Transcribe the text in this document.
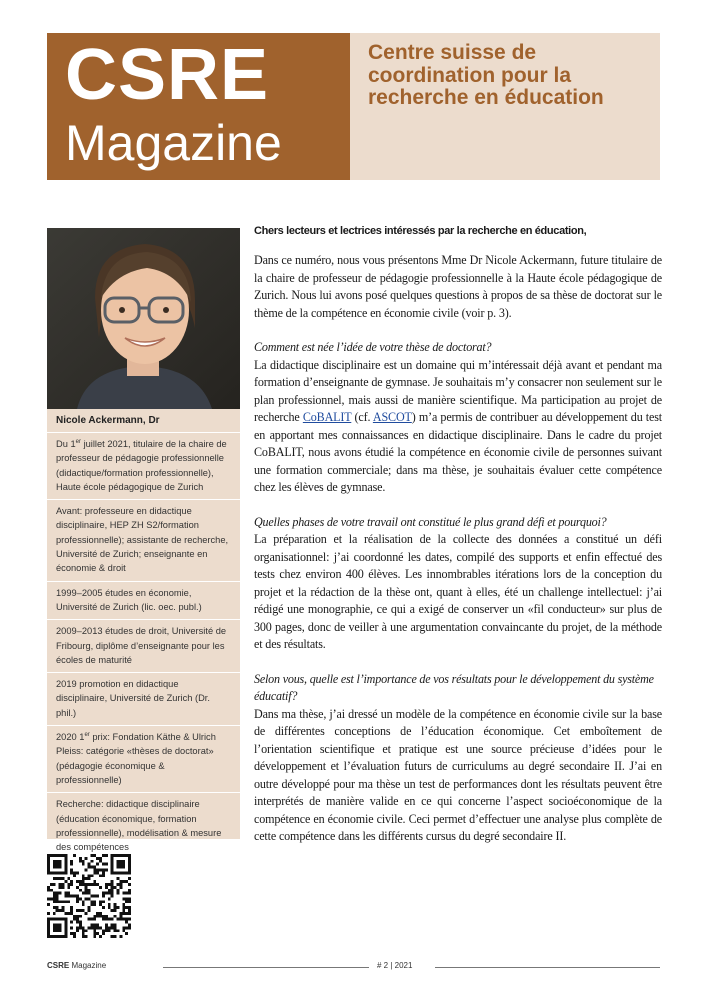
CSRE
Magazine
Centre suisse de
coordination pour la
recherche en éducation
Nicole Ackermann, Dr

Du 1er juillet 2021, titulaire de la chaire de professeur de pédagogie professionnelle (didactique/formation professionnelle), Haute école pédagogique de Zurich

Avant: professeure en didactique disciplinaire, HEP ZH S2/formation professionnelle); assistante de recherche, Université de Zurich; enseignante en économie & droit

1999–2005 études en économie, Université de Zurich (lic. oec. publ.)

2009–2013 études de droit, Université de Fribourg, diplôme d’enseignante pour les écoles de maturité

2019 promotion en didactique disciplinaire, Université de Zurich (Dr. phil.)

2020 1er prix: Fondation Käthe & Ulrich Pleiss: catégorie «thèses de doctorat» (pédagogie économique & professionnelle)

Recherche: didactique disciplinaire (éducation économique, formation professionnelle), modélisation & mesure des compétences

Chers lecteurs et lectrices intéressés par la recherche en éducation,
Dans ce numéro, nous vous présentons Mme Dr Nicole Ackermann, future titulaire de la chaire de professeur de pédagogie professionnelle à la Haute école pédagogique de Zurich. Nous lui avons posé quelques questions à propos de sa thèse de doctorat sur le thème de la compétence en économie civile (voir p. 3).
Comment est née l’idée de votre thèse de doctorat?
La didactique disciplinaire est un domaine qui m’intéressait déjà avant et pendant ma formation d’enseignante de gymnase. Je souhaitais m’y consacrer non seulement sur le plan professionnel, mais aussi de manière scientifique. Ma participation au projet de recherche CoBALIT (cf. ASCOT) m’a permis de contribuer au développement du test en apportant mes connaissances en didactique disciplinaire. Dans le cadre du projet CoBALIT, nous avons étudié la compétence en économie civile de personnes suivant une formation commerciale; dans ma thèse, je souhaitais évaluer cette compétence chez les élèves de gymnase.
Quelles phases de votre travail ont constitué le plus grand défi et pourquoi?
La préparation et la réalisation de la collecte des données a constitué un défi organisationnel: j’ai coordonné les dates, compilé des supports et enfin effectué des tests chez environ 400 élèves. Les innombrables itérations lors de la conception du projet et la rédaction de la thèse ont, quant à elles, été un challenge intellectuel: j’ai rédigé une monographie, ce qui a exigé de conserver un «fil conducteur» sur plus de 300 pages, donc de veiller à une argumentation convaincante du projet, de la méthode et des résultats.
Selon vous, quelle est l’importance de vos résultats pour le développement du système éducatif?
Dans ma thèse, j’ai dressé un modèle de la compétence en économie civile sur la base de différentes conceptions de l’éducation économique. Cet emboîtement de l’orientation scientifique et pratique est une source précieuse d’idées pour le développement et l’évaluation futurs de curriculums au degré secondaire II. J’ai en outre développé pour ma thèse un test de performances dont les résultats peuvent être interprétés de manière valide en ce qui concerne l’aspect socioéconomique de la compétence en économie civile. Ceci permet d’effectuer une analyse plus complète de cette compétence dans les différents cursus du degré secondaire II.
CSRE Magazine	# 2 | 2021
